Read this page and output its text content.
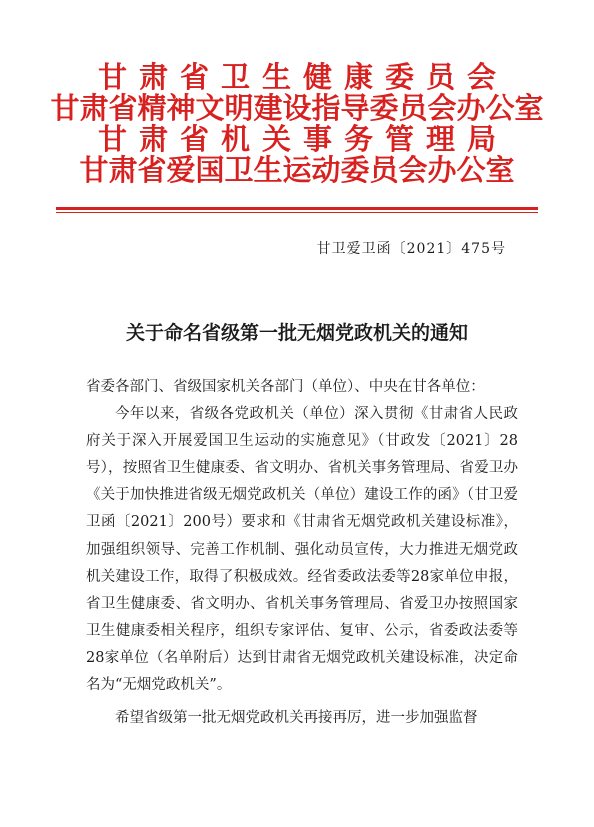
甘肃省卫生健康委员会
甘肃省精神文明建设指导委员会办公室
甘肃省机关事务管理局
甘肃省爱国卫生运动委员会办公室
甘卫爱卫函〔2021〕475号
关于命名省级第一批无烟党政机关的通知

省委各部门、省级国家机关各部门（单位）、中央在甘各单位：

今年以来，省级各党政机关（单位）深入贯彻《甘肃省人民政府关于深入开展爱国卫生运动的实施意见》（甘政发〔2021〕28号），按照省卫生健康委、省文明办、省机关事务管理局、省爱卫办《关于加快推进省级无烟党政机关（单位）建设工作的函》（甘卫爱卫函〔2021〕200号）要求和《甘肃省无烟党政机关建设标准》，加强组织领导、完善工作机制、强化动员宣传，大力推进无烟党政机关建设工作，取得了积极成效。经省委政法委等28家单位申报，省卫生健康委、省文明办、省机关事务管理局、省爱卫办按照国家卫生健康委相关程序，组织专家评估、复审、公示，省委政法委等28家单位（名单附后）达到甘肃省无烟党政机关建设标准，决定命名为“无烟党政机关”。

希望省级第一批无烟党政机关再接再厉，进一步加强监督
